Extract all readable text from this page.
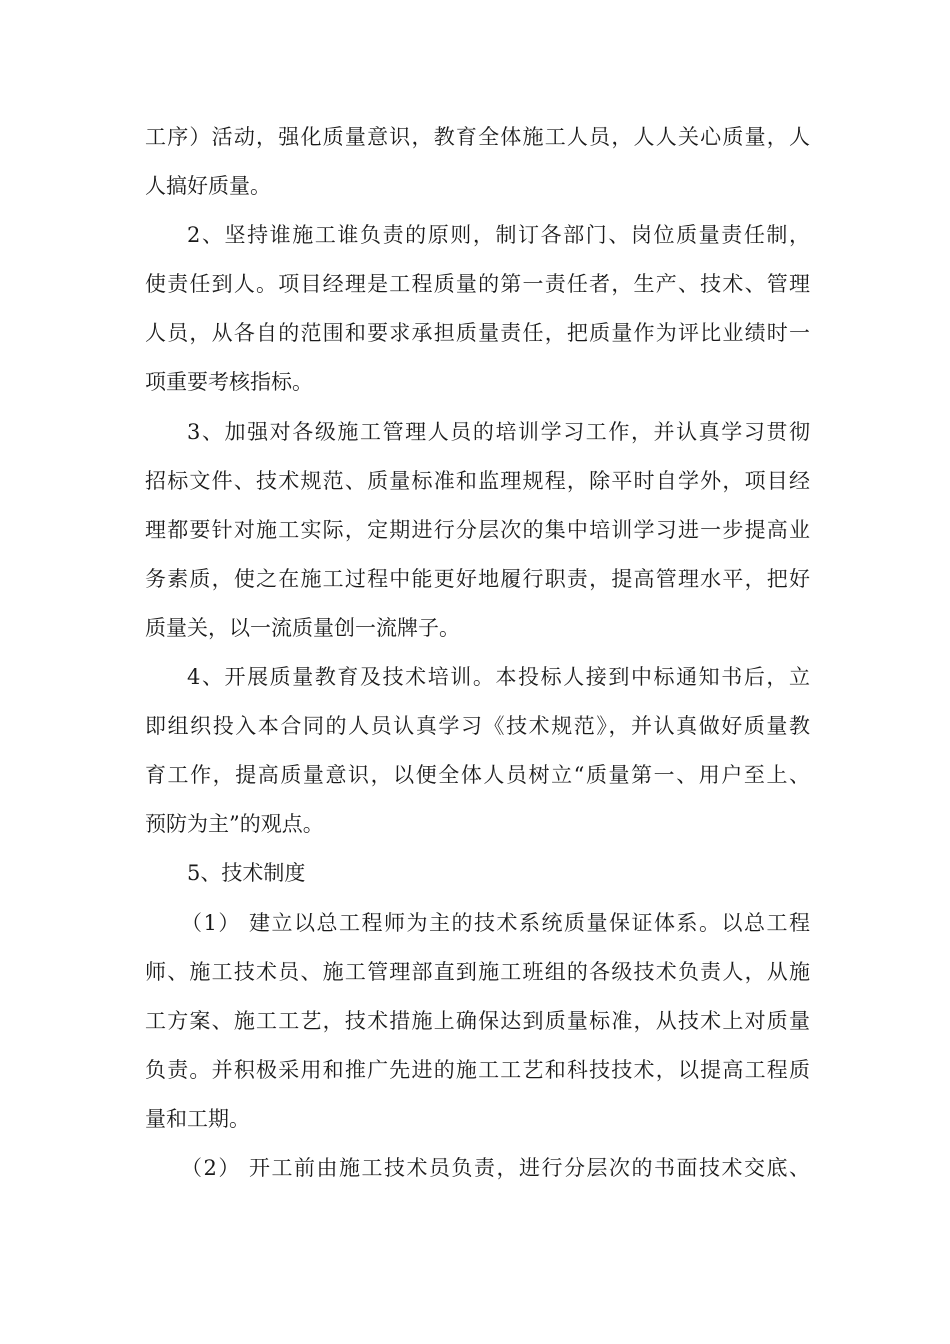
工序）活动，强化质量意识，教育全体施工人员，人人关心质量，人
人搞好质量。
2、坚持谁施工谁负责的原则，制订各部门、岗位质量责任制，
使责任到人。项目经理是工程质量的第一责任者，生产、技术、管理
人员，从各自的范围和要求承担质量责任，把质量作为评比业绩时一
项重要考核指标。
3、加强对各级施工管理人员的培训学习工作，并认真学习贯彻
招标文件、技术规范、质量标准和监理规程，除平时自学外，项目经
理都要针对施工实际，定期进行分层次的集中培训学习进一步提高业
务素质，使之在施工过程中能更好地履行职责，提高管理水平，把好
质量关，以一流质量创一流牌子。
4、开展质量教育及技术培训。本投标人接到中标通知书后，立
即组织投入本合同的人员认真学习《技术规范》，并认真做好质量教
育工作，提高质量意识，以便全体人员树立“质量第一、用户至上、
预防为主”的观点。
5、技术制度
（1） 建立以总工程师为主的技术系统质量保证体系。以总工程
师、施工技术员、施工管理部直到施工班组的各级技术负责人，从施
工方案、施工工艺，技术措施上确保达到质量标准，从技术上对质量
负责。并积极采用和推广先进的施工工艺和科技技术，以提高工程质
量和工期。
（2） 开工前由施工技术员负责，进行分层次的书面技术交底、
